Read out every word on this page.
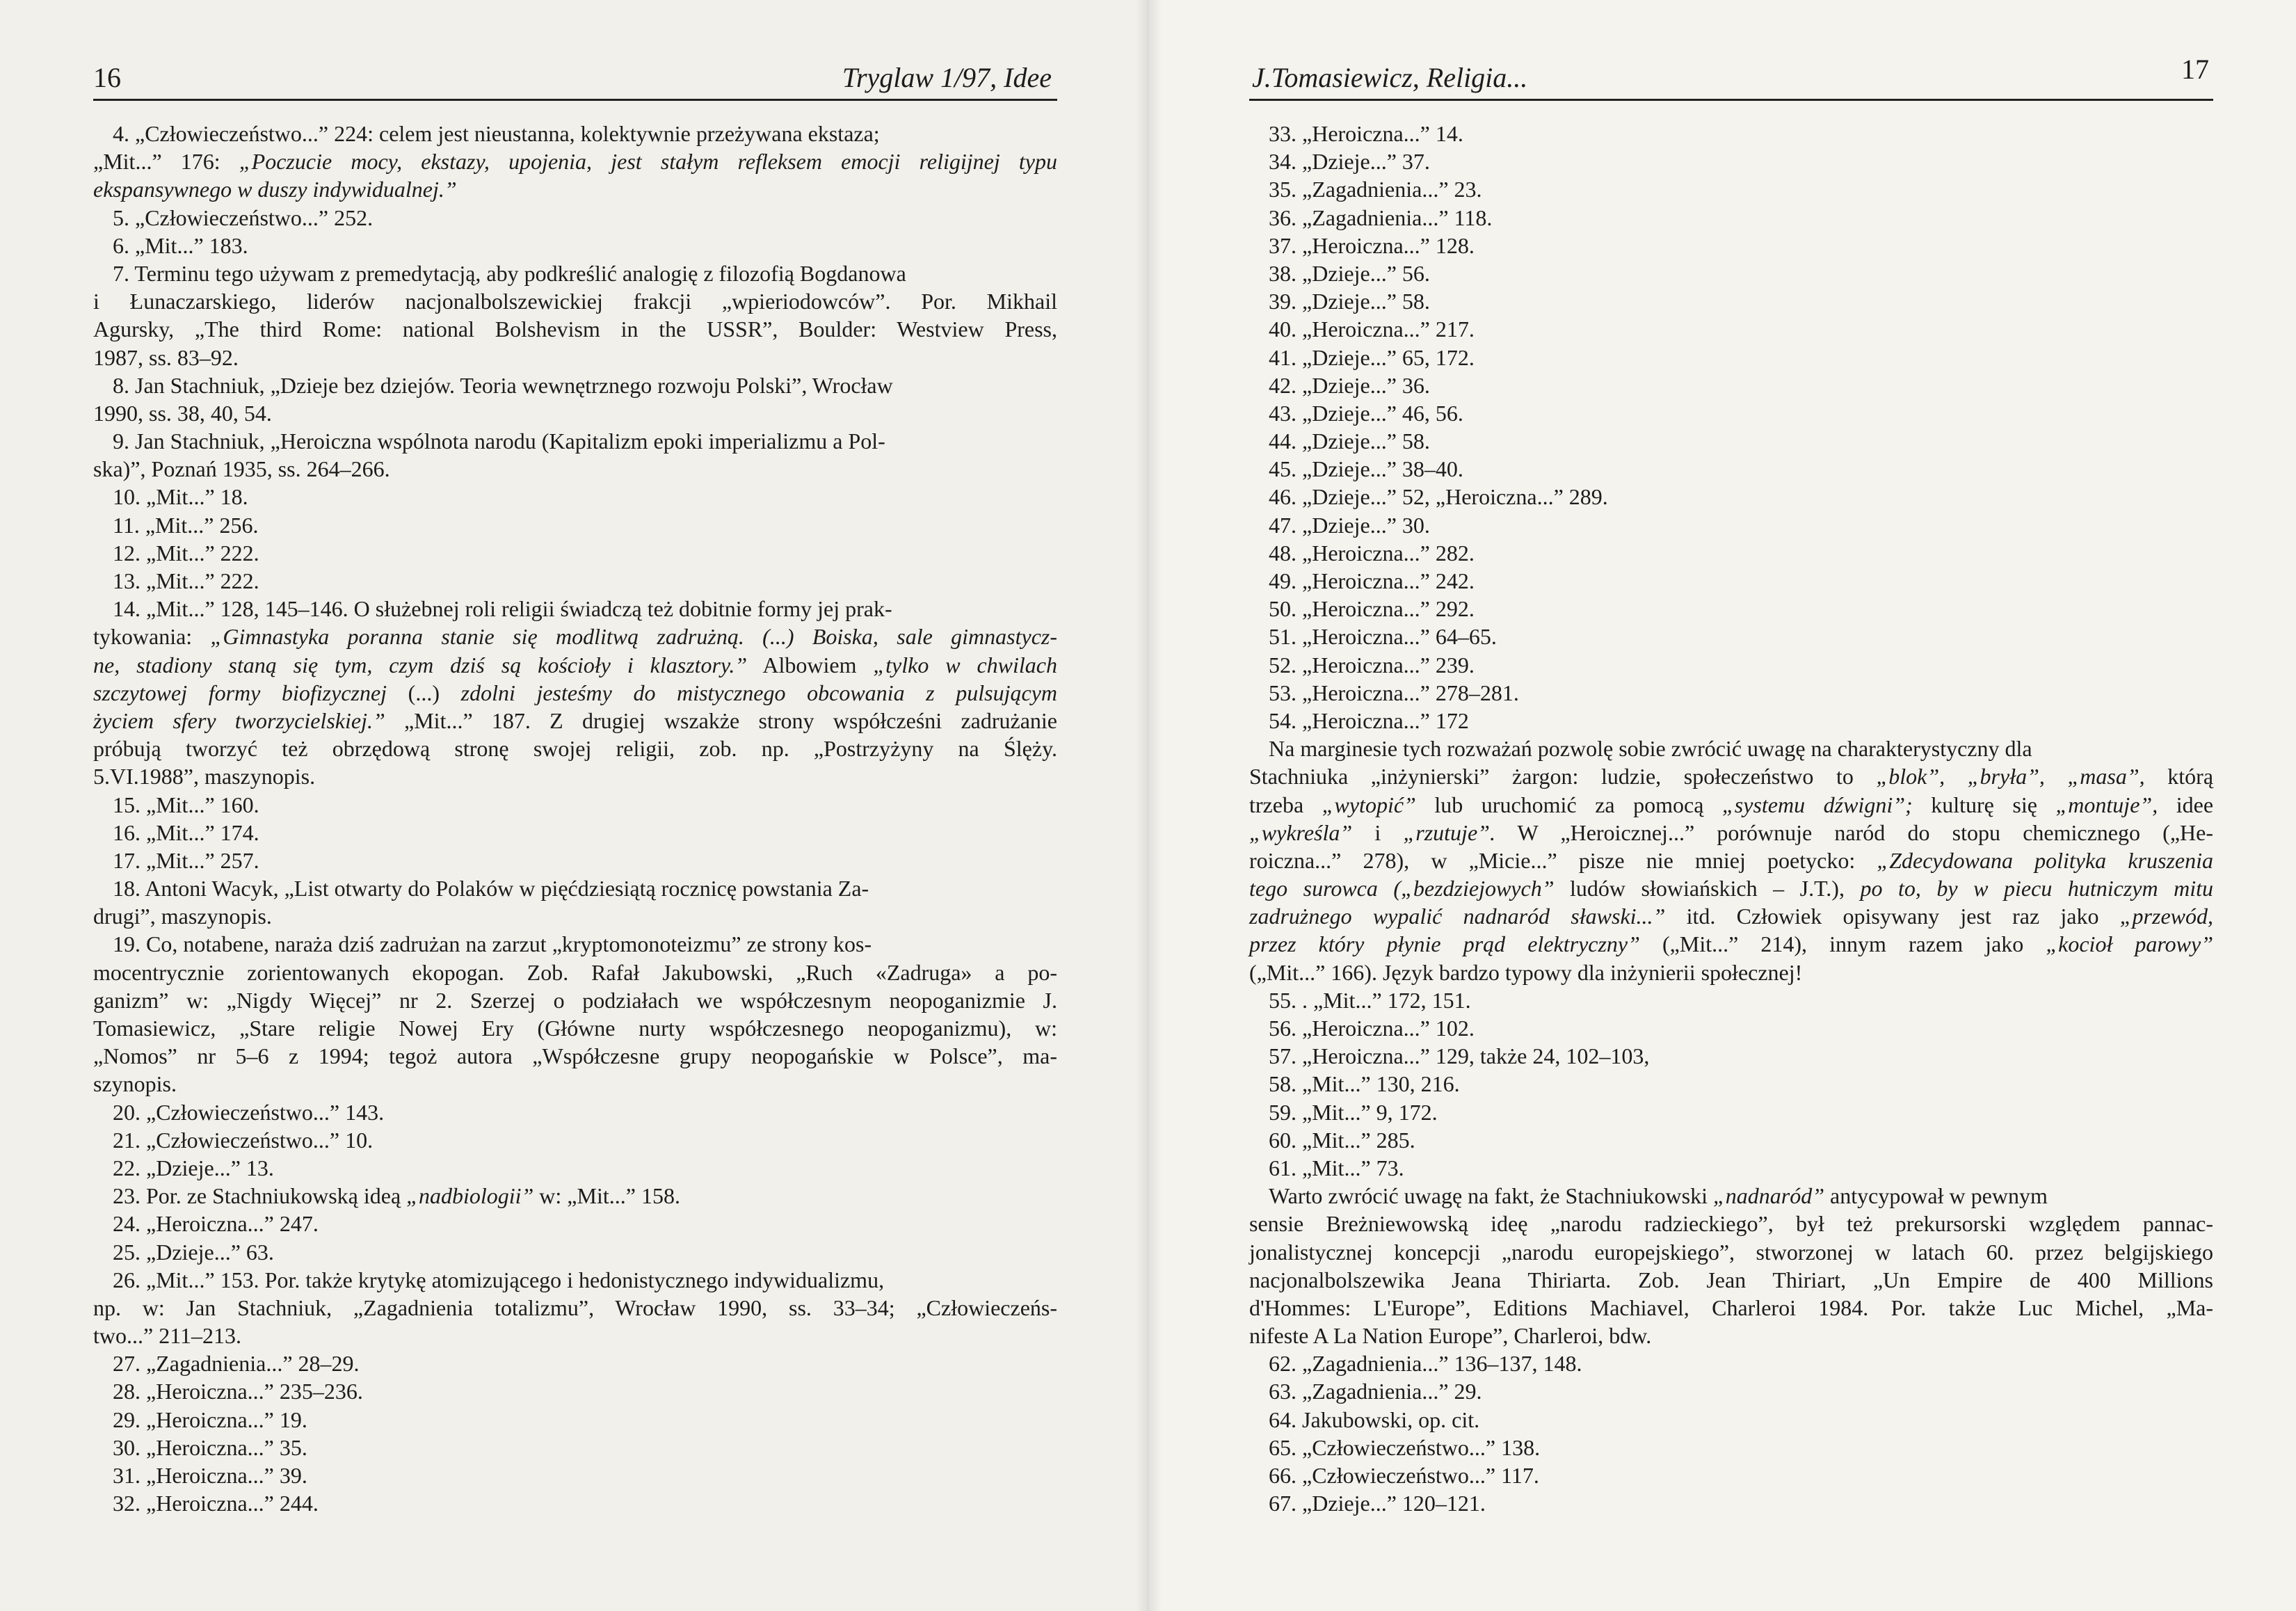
16	Tryglaw 1/97, Idee
4. „Człowieczeństwo...” 224: celem jest nieustanna, kolektywnie przeżywana ekstaza;
„Mit...” 176: „Poczucie mocy, ekstazy, upojenia, jest stałym refleksem emocji religijnej typu
ekspansywnego w duszy indywidualnej.”
5. „Człowieczeństwo...” 252.
6. „Mit...” 183.
7. Terminu tego używam z premedytacją, aby podkreślić analogię z filozofią Bogdanowa
i Łunaczarskiego, liderów nacjonalbolszewickiej frakcji „wpieriodowców”. Por. Mikhail
Agursky, „The third Rome: national Bolshevism in the USSR”, Boulder: Westview Press,
1987, ss. 83–92.
8. Jan Stachniuk, „Dzieje bez dziejów. Teoria wewnętrznego rozwoju Polski”, Wrocław
1990, ss. 38, 40, 54.
9. Jan Stachniuk, „Heroiczna wspólnota narodu (Kapitalizm epoki imperializmu a Pol-
ska)”, Poznań 1935, ss. 264–266.
10. „Mit...” 18.
11. „Mit...” 256.
12. „Mit...” 222.
13. „Mit...” 222.
14. „Mit...” 128, 145–146. O służebnej roli religii świadczą też dobitnie formy jej prak-
tykowania: „Gimnastyka poranna stanie się modlitwą zadrużną. (...) Boiska, sale gimnastycz-
ne, stadiony staną się tym, czym dziś są kościoły i klasztory.” Albowiem „tylko w chwilach
szczytowej formy biofizycznej (...) zdolni jesteśmy do mistycznego obcowania z pulsującym
życiem sfery tworzycielskiej.” „Mit...” 187. Z drugiej wszakże strony współcześni zadrużanie
próbują tworzyć też obrzędową stronę swojej religii, zob. np. „Postrzyżyny na Ślęży.
5.VI.1988”, maszynopis.
15. „Mit...” 160.
16. „Mit...” 174.
17. „Mit...” 257.
18. Antoni Wacyk, „List otwarty do Polaków w pięćdziesiątą rocznicę powstania Za-
drugi”, maszynopis.
19. Co, notabene, naraża dziś zadrużan na zarzut „kryptomonoteizmu” ze strony kos-
mocentrycznie zorientowanych ekopogan. Zob. Rafał Jakubowski, „Ruch «Zadruga» a po-
ganizm” w: „Nigdy Więcej” nr 2. Szerzej o podziałach we współczesnym neopoganizmie J.
Tomasiewicz, „Stare religie Nowej Ery (Główne nurty współczesnego neopoganizmu), w:
„Nomos” nr 5–6 z 1994; tegoż autora „Współczesne grupy neopogańskie w Polsce”, ma-
szynopis.
20. „Człowieczeństwo...” 143.
21. „Człowieczeństwo...” 10.
22. „Dzieje...” 13.
23. Por. ze Stachniukowską ideą „nadbiologii” w: „Mit...” 158.
24. „Heroiczna...” 247.
25. „Dzieje...” 63.
26. „Mit...” 153. Por. także krytykę atomizującego i hedonistycznego indywidualizmu,
np. w: Jan Stachniuk, „Zagadnienia totalizmu”, Wrocław 1990, ss. 33–34; „Człowieczeńs-
two...” 211–213.
27. „Zagadnienia...” 28–29.
28. „Heroiczna...” 235–236.
29. „Heroiczna...” 19.
30. „Heroiczna...” 35.
31. „Heroiczna...” 39.
32. „Heroiczna...” 244.
J.Tomasiewicz, Religia...	17
33. „Heroiczna...” 14.
34. „Dzieje...” 37.
35. „Zagadnienia...” 23.
36. „Zagadnienia...” 118.
37. „Heroiczna...” 128.
38. „Dzieje...” 56.
39. „Dzieje...” 58.
40. „Heroiczna...” 217.
41. „Dzieje...” 65, 172.
42. „Dzieje...” 36.
43. „Dzieje...” 46, 56.
44. „Dzieje...” 58.
45. „Dzieje...” 38–40.
46. „Dzieje...” 52, „Heroiczna...” 289.
47. „Dzieje...” 30.
48. „Heroiczna...” 282.
49. „Heroiczna...” 242.
50. „Heroiczna...” 292.
51. „Heroiczna...” 64–65.
52. „Heroiczna...” 239.
53. „Heroiczna...” 278–281.
54. „Heroiczna...” 172
Na marginesie tych rozważań pozwolę sobie zwrócić uwagę na charakterystyczny dla
Stachniuka „inżynierski” żargon: ludzie, społeczeństwo to „blok”, „bryła”, „masa”, którą
trzeba „wytopić” lub uruchomić za pomocą „systemu dźwigni”; kulturę się „montuje”, idee
„wykreśla” i „rzutuje”. W „Heroicznej...” porównuje naród do stopu chemicznego („He-
roiczna...” 278), w „Micie...” pisze nie mniej poetycko: „Zdecydowana polityka kruszenia
tego surowca („bezdziejowych” ludów słowiańskich – J.T.), po to, by w piecu hutniczym mitu
zadrużnego wypalić nadnaród sławski...” itd. Człowiek opisywany jest raz jako „przewód,
przez który płynie prąd elektryczny” („Mit...” 214), innym razem jako „kocioł parowy”
(„Mit...” 166). Język bardzo typowy dla inżynierii społecznej!
55. . „Mit...” 172, 151.
56. „Heroiczna...” 102.
57. „Heroiczna...” 129, także 24, 102–103,
58. „Mit...” 130, 216.
59. „Mit...” 9, 172.
60. „Mit...” 285.
61. „Mit...” 73.
Warto zwrócić uwagę na fakt, że Stachniukowski „nadnaród” antycypował w pewnym
sensie Breżniewowską ideę „narodu radzieckiego”, był też prekursorski względem pannac-
jonalistycznej koncepcji „narodu europejskiego”, stworzonej w latach 60. przez belgijskiego
nacjonalbolszewika Jeana Thiriarta. Zob. Jean Thiriart, „Un Empire de 400 Millions
d'Hommes: L'Europe”, Editions Machiavel, Charleroi 1984. Por. także Luc Michel, „Ma-
nifeste A La Nation Europe”, Charleroi, bdw.
62. „Zagadnienia...” 136–137, 148.
63. „Zagadnienia...” 29.
64. Jakubowski, op. cit.
65. „Człowieczeństwo...” 138.
66. „Człowieczeństwo...” 117.
67. „Dzieje...” 120–121.
